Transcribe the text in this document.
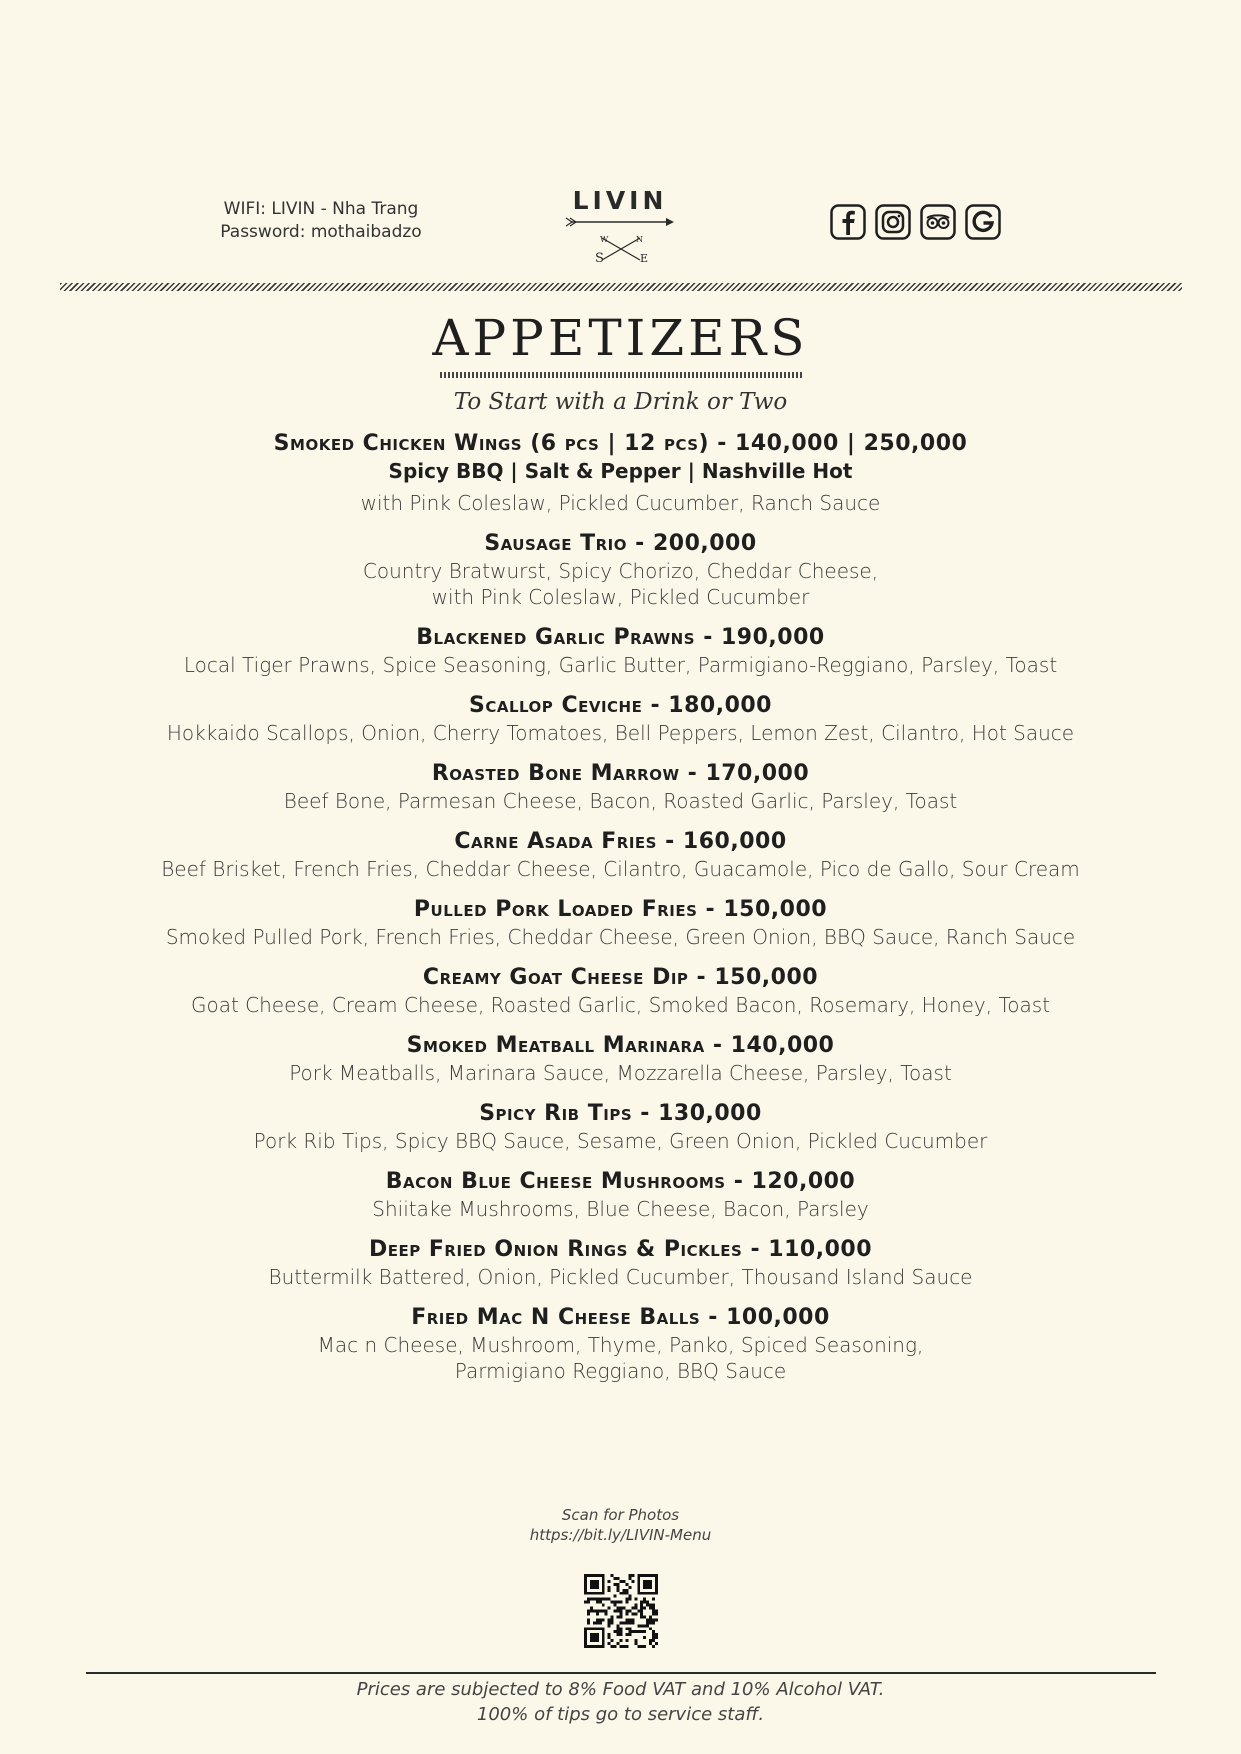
WIFI: LIVIN - Nha Trang
Password: mothaibadzo
LIVIN
W	N
S	E
APPETIZERS
To Start with a Drink or Two
Smoked Chicken Wings (6 pcs | 12 pcs) - 140,000 | 250,000
Spicy BBQ | Salt & Pepper | Nashville Hot
with Pink Coleslaw, Pickled Cucumber, Ranch Sauce
Sausage Trio - 200,000
Country Bratwurst, Spicy Chorizo, Cheddar Cheese,
with Pink Coleslaw, Pickled Cucumber
Blackened Garlic Prawns - 190,000
Local Tiger Prawns, Spice Seasoning, Garlic Butter, Parmigiano-Reggiano, Parsley, Toast
Scallop Ceviche - 180,000
Hokkaido Scallops, Onion, Cherry Tomatoes, Bell Peppers, Lemon Zest, Cilantro, Hot Sauce
Roasted Bone Marrow - 170,000
Beef Bone, Parmesan Cheese, Bacon, Roasted Garlic, Parsley, Toast
Carne Asada Fries - 160,000
Beef Brisket, French Fries, Cheddar Cheese, Cilantro, Guacamole, Pico de Gallo, Sour Cream
Pulled Pork Loaded Fries - 150,000
Smoked Pulled Pork, French Fries, Cheddar Cheese, Green Onion, BBQ Sauce, Ranch Sauce
Creamy Goat Cheese Dip - 150,000
Goat Cheese, Cream Cheese, Roasted Garlic, Smoked Bacon, Rosemary, Honey, Toast
Smoked Meatball Marinara - 140,000
Pork Meatballs, Marinara Sauce, Mozzarella Cheese, Parsley, Toast
Spicy Rib Tips - 130,000
Pork Rib Tips, Spicy BBQ Sauce, Sesame, Green Onion, Pickled Cucumber
Bacon Blue Cheese Mushrooms - 120,000
Shiitake Mushrooms, Blue Cheese, Bacon, Parsley
Deep Fried Onion Rings & Pickles - 110,000
Buttermilk Battered, Onion, Pickled Cucumber, Thousand Island Sauce
Fried Mac N Cheese Balls - 100,000
Mac n Cheese, Mushroom, Thyme, Panko, Spiced Seasoning,
Parmigiano Reggiano, BBQ Sauce
Scan for Photos
https://bit.ly/LIVIN-Menu
Prices are subjected to 8% Food VAT and 10% Alcohol VAT.
100% of tips go to service staff.
